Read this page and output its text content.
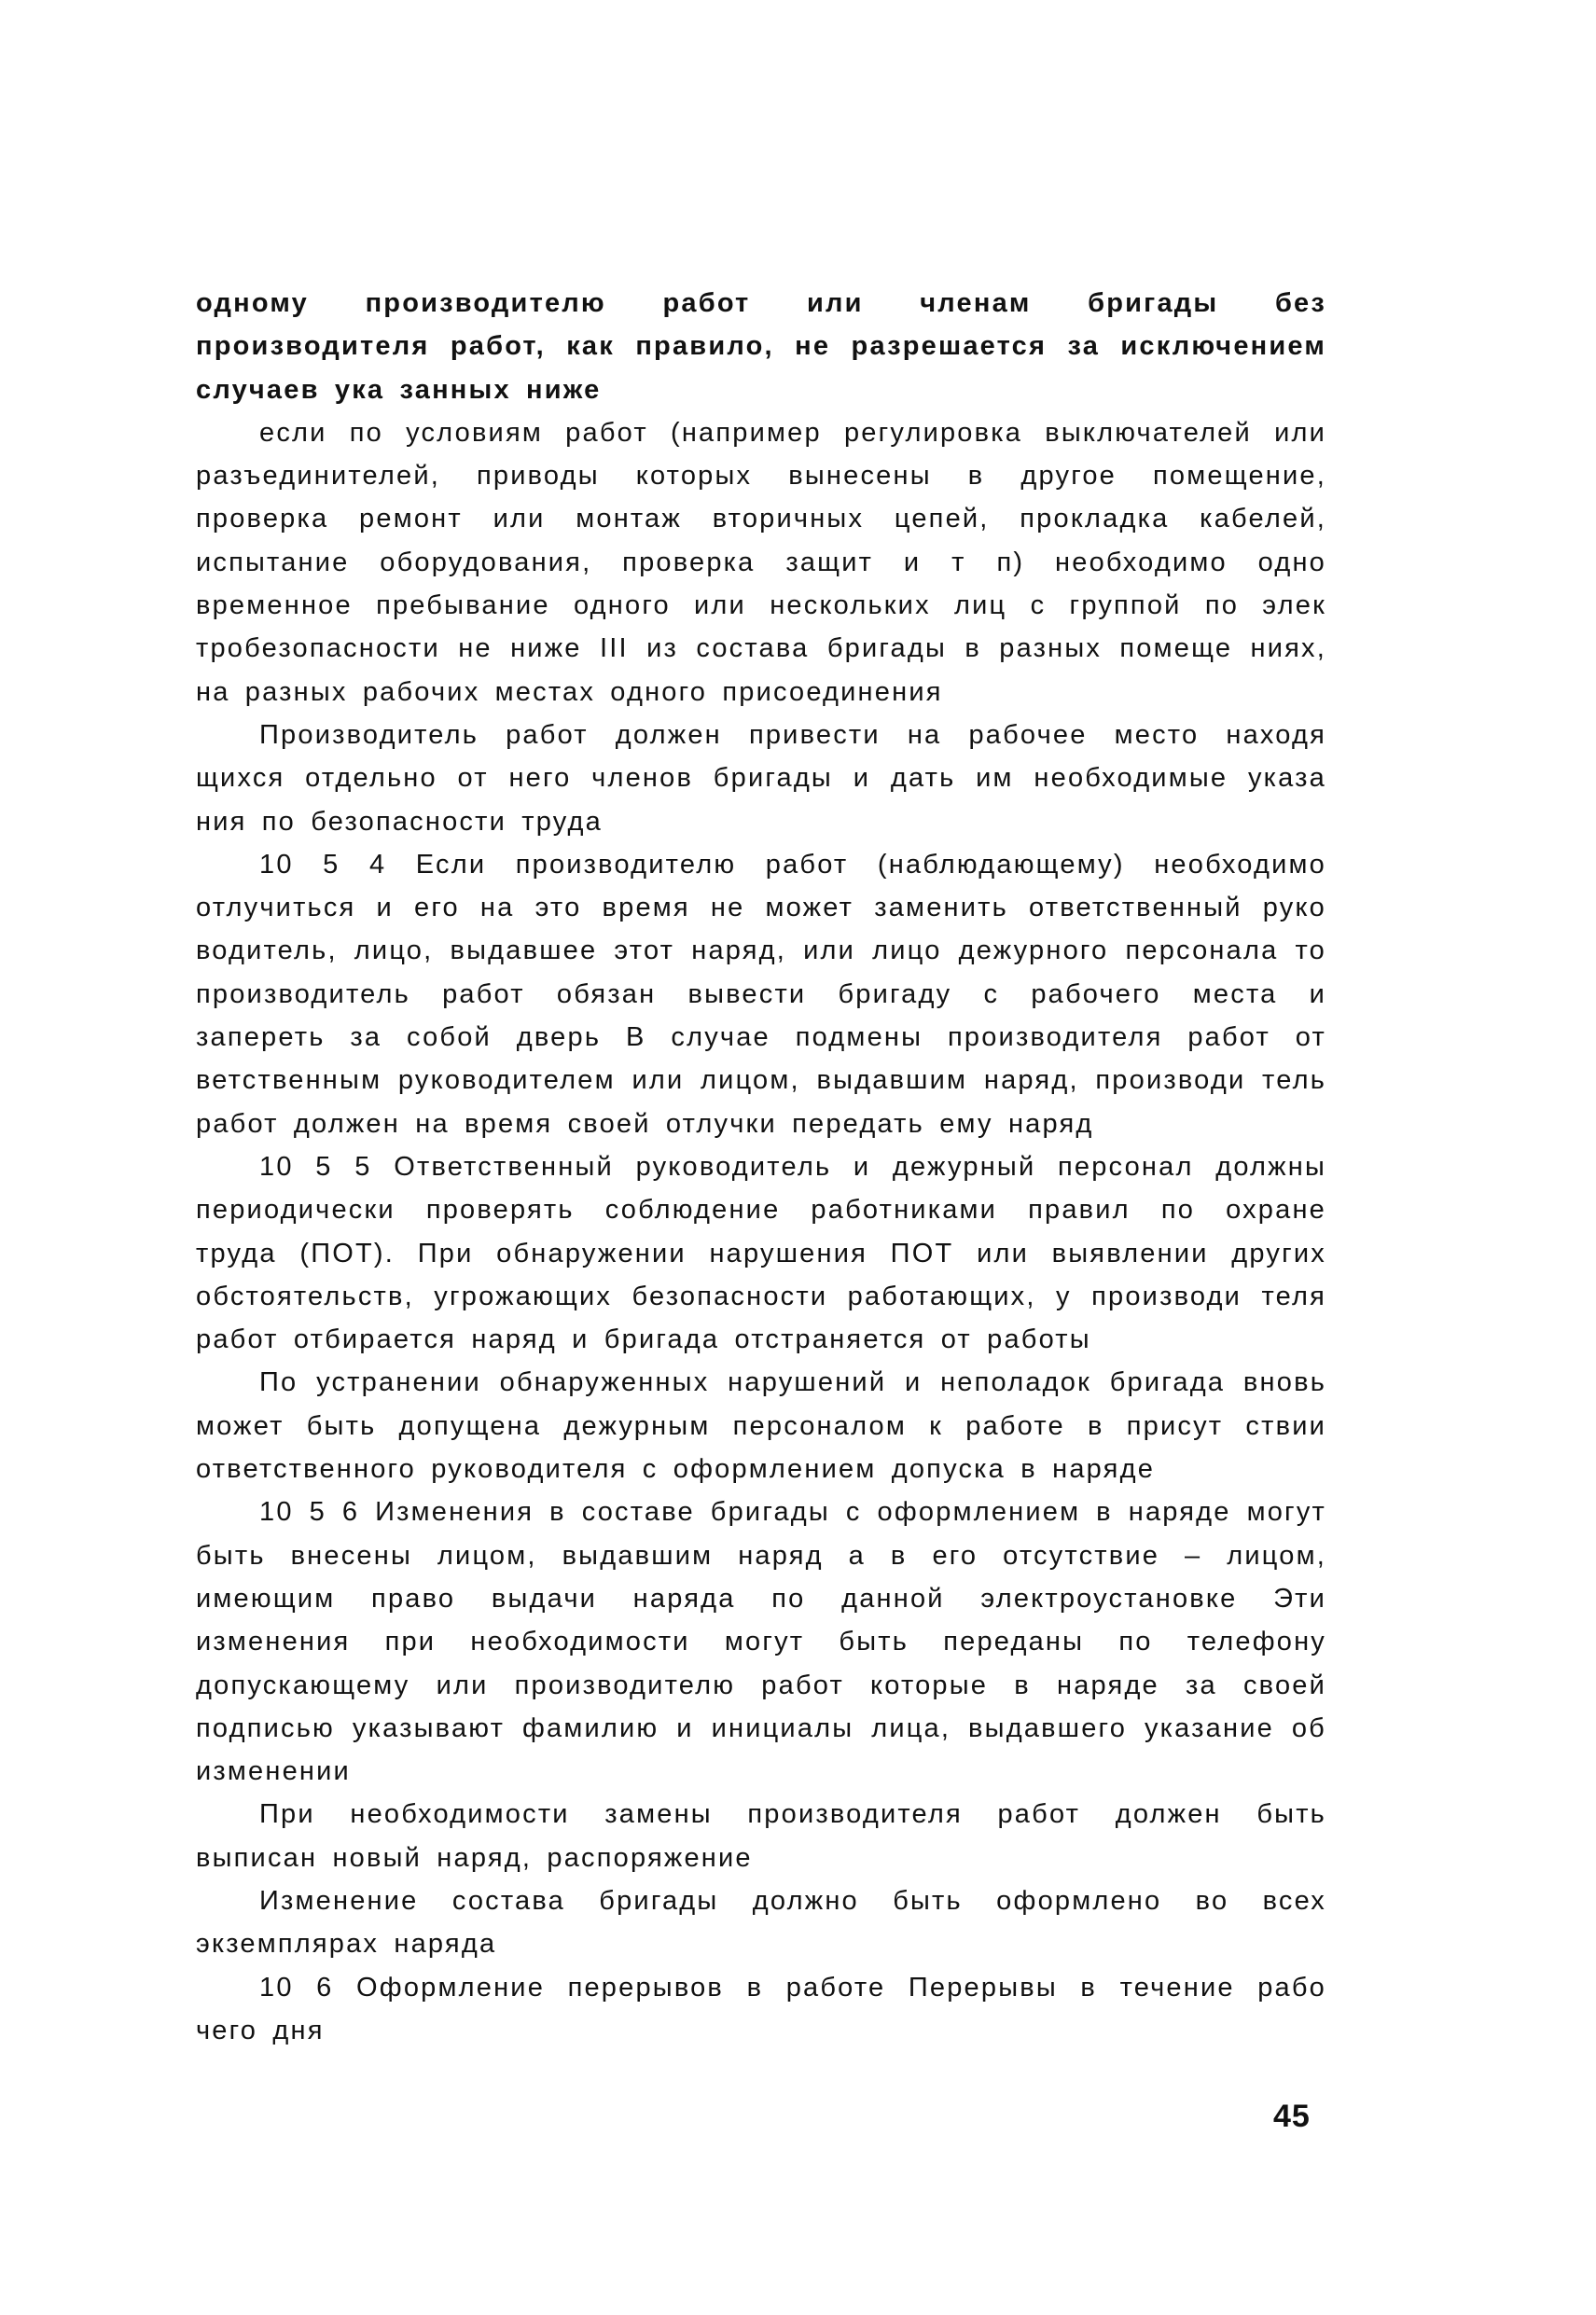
одному производителю работ или членам бригады без производителя работ, как правило, не разрешается за исключением случаев ука занных ниже

если по условиям работ (например регулировка выключателей или разъединителей, приводы которых вынесены в другое помещение, проверка ремонт или монтаж вторичных цепей, прокладка кабелей, испытание оборудования, проверка защит и т п) необходимо одно временное пребывание одного или нескольких лиц с группой по элек тробезопасности не ниже III из состава бригады в разных помеще ниях, на разных рабочих местах одного присоединения

Производитель работ должен привести на рабочее место находя щихся отдельно от него членов бригады и дать им необходимые указа ния по безопасности труда

10 5 4 Если производителю работ (наблюдающему) необходимо отлучиться и его на это время не может заменить ответственный руко водитель, лицо, выдавшее этот наряд, или лицо дежурного персонала то производитель работ обязан вывести бригаду с рабочего места и запереть за собой дверь В случае подмены производителя работ от ветственным руководителем или лицом, выдавшим наряд, производи тель работ должен на время своей отлучки передать ему наряд

10 5 5 Ответственный руководитель и дежурный персонал должны периодически проверять соблюдение работниками правил по охране труда (ПОТ). При обнаружении нарушения ПОТ или выявлении других обстоятельств, угрожающих безопасности работающих, у производи теля работ отбирается наряд и бригада отстраняется от работы

По устранении обнаруженных нарушений и неполадок бригада вновь может быть допущена дежурным персоналом к работе в присут ствии ответственного руководителя с оформлением допуска в наряде

10 5 6 Изменения в составе бригады с оформлением в наряде могут быть внесены лицом, выдавшим наряд а в его отсутствие – лицом, имеющим право выдачи наряда по данной электроустановке Эти изменения при необходимости могут быть переданы по телефону допускающему или производителю работ которые в наряде за своей подписью указывают фамилию и инициалы лица, выдавшего указание об изменении

При необходимости замены производителя работ должен быть выписан новый наряд, распоряжение

Изменение состава бригады должно быть оформлено во всех экземплярах наряда

10 6 Оформление перерывов в работе Перерывы в течение рабо чего дня

45
